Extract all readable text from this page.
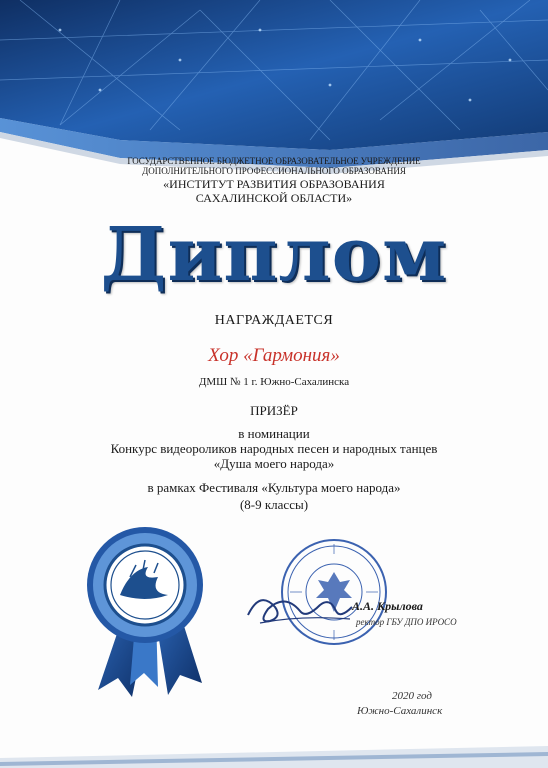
ГОСУДАРСТВЕННОЕ БЮДЖЕТНОЕ ОБРАЗОВАТЕЛЬНОЕ УЧРЕЖДЕНИЕ
ДОПОЛНИТЕЛЬНОГО ПРОФЕССИОНАЛЬНОГО ОБРАЗОВАНИЯ
«ИНСТИТУТ РАЗВИТИЯ ОБРАЗОВАНИЯ
САХАЛИНСКОЙ ОБЛАСТИ»
Диплом
НАГРАЖДАЕТСЯ
Хор «Гармония»
ДМШ № 1 г. Южно-Сахалинска
ПРИЗЁР
в номинации
Конкурс видеороликов народных песен и народных танцев
«Душа моего народа»
в рамках Фестиваля «Культура моего народа»
(8-9 классы)
А.А. Крылова
ректор ГБУ ДПО ИРОСО
2020 год
Южно-Сахалинск
